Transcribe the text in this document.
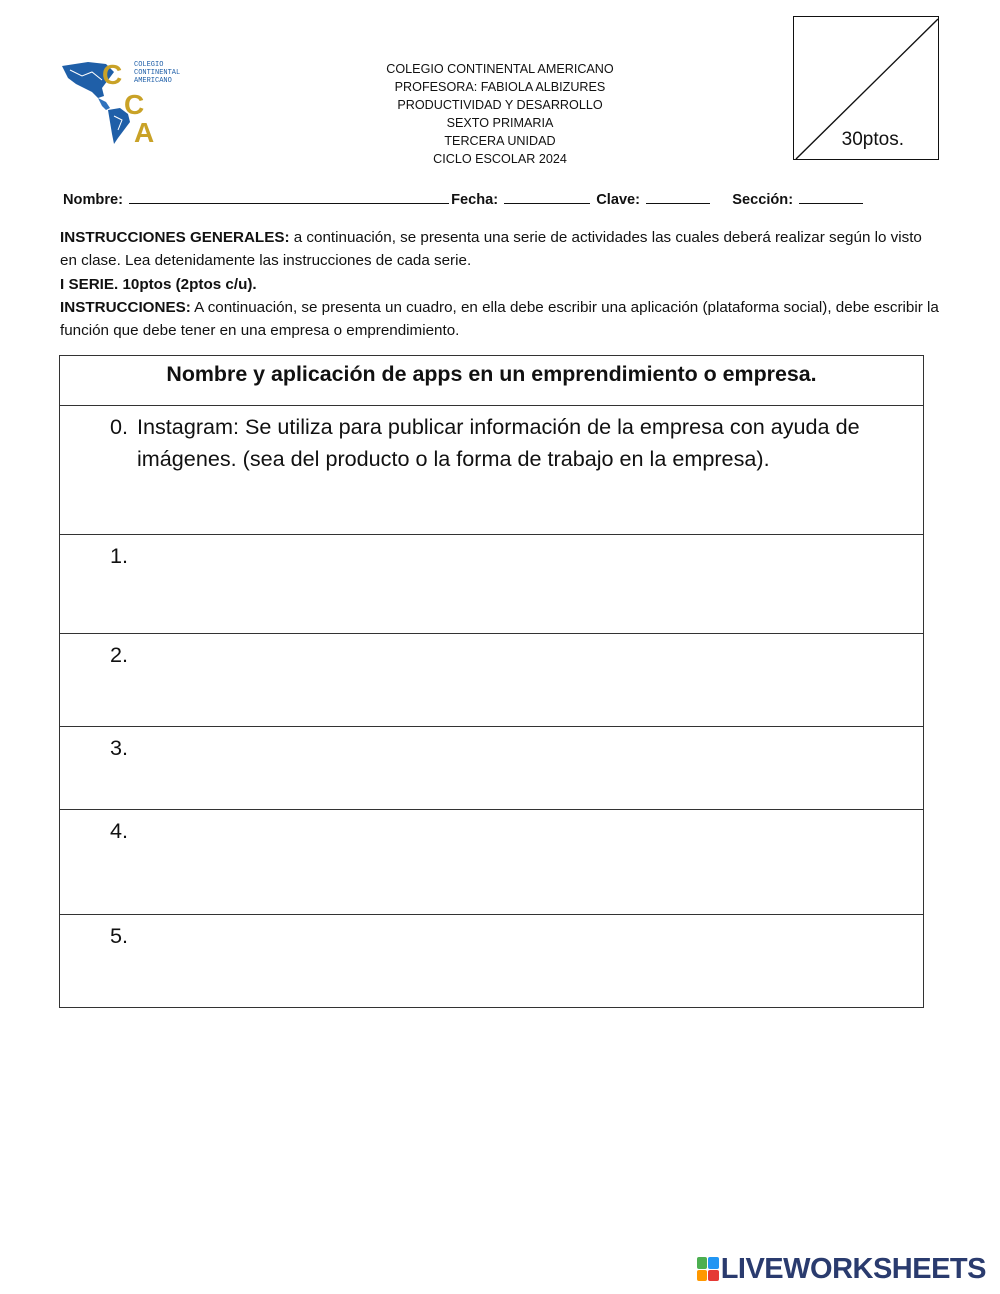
C
C
A
COLEGIO
CONTINENTAL
AMERICANO
COLEGIO CONTINENTAL AMERICANO
PROFESORA: FABIOLA ALBIZURES
PRODUCTIVIDAD Y DESARROLLO
SEXTO PRIMARIA
TERCERA UNIDAD
CICLO ESCOLAR 2024
30ptos.
Nombre:	Fecha:	Clave:	Sección:

INSTRUCCIONES GENERALES: a continuación, se presenta una serie de actividades las cuales deberá realizar según lo visto en clase. Lea detenidamente las instrucciones de cada serie.

I SERIE. 10ptos (2ptos c/u).

INSTRUCCIONES: A continuación, se presenta un cuadro, en ella debe escribir una aplicación (plataforma social), debe escribir la función que debe tener en una empresa o emprendimiento.

Nombre y aplicación de apps en un emprendimiento o empresa.

0. Instagram: Se utiliza para publicar información de la empresa con ayuda de imágenes. (sea del producto o la forma de trabajo en la empresa).

1.

2.

3.

4.

5.
LIVEWORKSHEETS
